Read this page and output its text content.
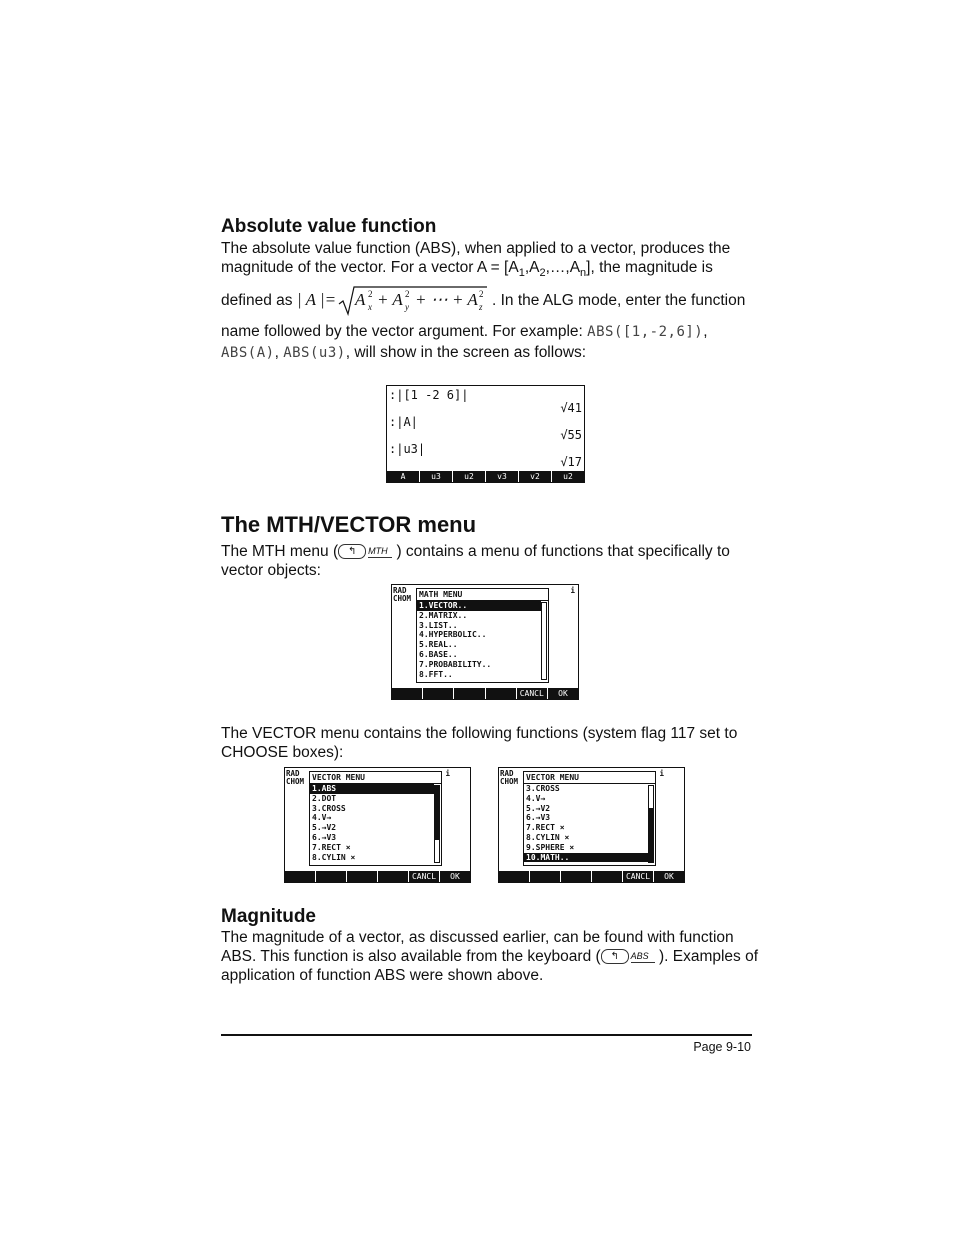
Absolute value function
The absolute value function (ABS), when applied to a vector, produces the
magnitude of the vector. For a vector $A = [A_1,A_2,\dots,A_n]$, the magnitude is
defined as | A |= A 2
x + A 2
y + ⋯ + A 2
z . In the ALG mode, enter the function
name followed by the vector argument. For example: ABS([1,-2,6]),
ABS(A), ABS(u3), will show in the screen as follows:
:|[1 -2 6]|
√41
:|A|
√55
:|u3|
√17
A	u3	u2	v3	v2	u2
The MTH/VECTOR menu
The MTH menu ( ↰ MTH ) contains a menu of functions that specifically to
vector objects:
RAD
CHOM
i
MATH MENU
1.VECTOR..
2.MATRIX..
3.LIST..
4.HYPERBOLIC..
5.REAL..
6.BASE..
7.PROBABILITY..
8.FFT..
CANCL	OK
The VECTOR menu contains the following functions (system flag 117 set to
CHOOSE boxes):
RAD
CHOM
i
VECTOR MENU
1.ABS
2.DOT
3.CROSS
4.V→
5.→V2
6.→V3
7.RECT ×
8.CYLIN ×
CANCL	OK
RAD
CHOM
i
VECTOR MENU
3.CROSS
4.V→
5.→V2
6.→V3
7.RECT ×
8.CYLIN ×
9.SPHERE ×
10.MATH..
CANCL	OK
Magnitude
The magnitude of a vector, as discussed earlier, can be found with function
ABS. This function is also available from the keyboard ( ↰ ABS ). Examples of
application of function ABS were shown above.
Page 9-10
